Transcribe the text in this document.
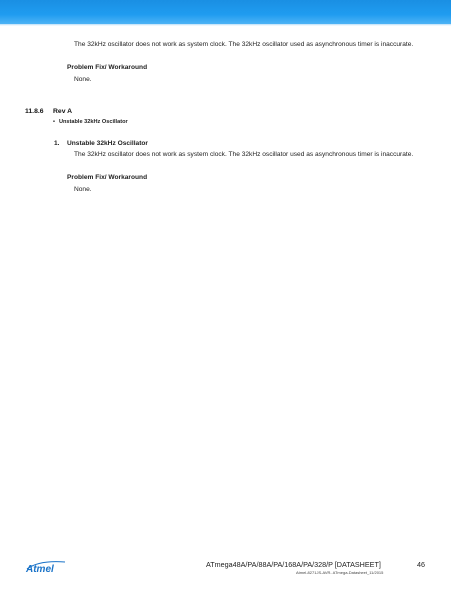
The 32kHz oscillator does not work as system clock. The 32kHz oscillator used as asynchronous timer is inaccurate.
Problem Fix/ Workaround
None.
11.8.6 Rev A
• Unstable 32kHz Oscillator
1. Unstable 32kHz Oscillator
The 32kHz oscillator does not work as system clock. The 32kHz oscillator used as asynchronous timer is inaccurate.
Problem Fix/ Workaround
None.
Atmel	ATmega48A/PA/88A/PA/168A/PA/328/P [DATASHEET]	46
Atmel-8271JS-AVR- ATmega-Datasheet_11/2015
